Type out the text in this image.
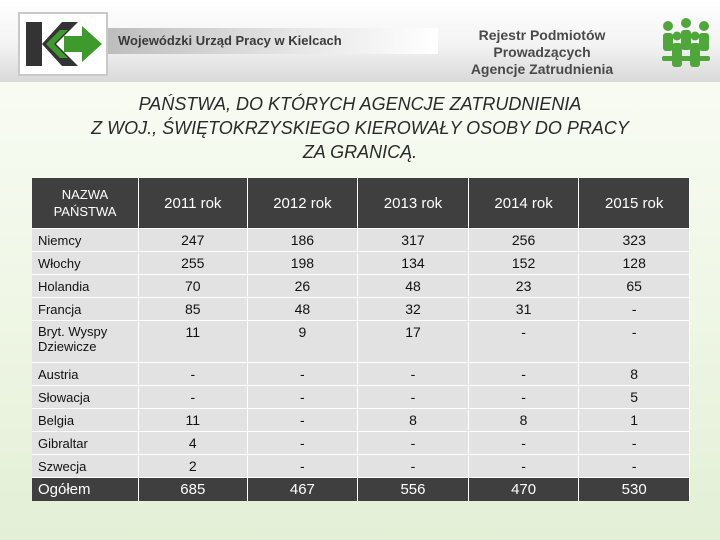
Wojewódzki Urząd Pracy w Kielcach	Rejestr Podmiotów Prowadzących
Agencje Zatrudnienia
PAŃSTWA, DO KTÓRYCH AGENCJE ZATRUDNIENIA
Z WOJ., ŚWIĘTOKRZYSKIEGO KIEROWAŁY OSOBY DO PRACY
ZA GRANICĄ.
NAZWA
PAŃSTWA	2011 rok	2012 rok	2013 rok	2014 rok	2015 rok
Niemcy	247	186	317	256	323
Włochy	255	198	134	152	128
Holandia	70	26	48	23	65
Francja	85	48	32	31	-

Bryt. Wyspy
Dziewicze	11	9	17	-	-
Austria	-	-	-	-	8
Słowacja	-	-	-	-	5
Belgia	11	-	8	8	1
Gibraltar	4	-	-	-	-
Szwecja	2	-	-	-	-
Ogółem	685	467	556	470	530
